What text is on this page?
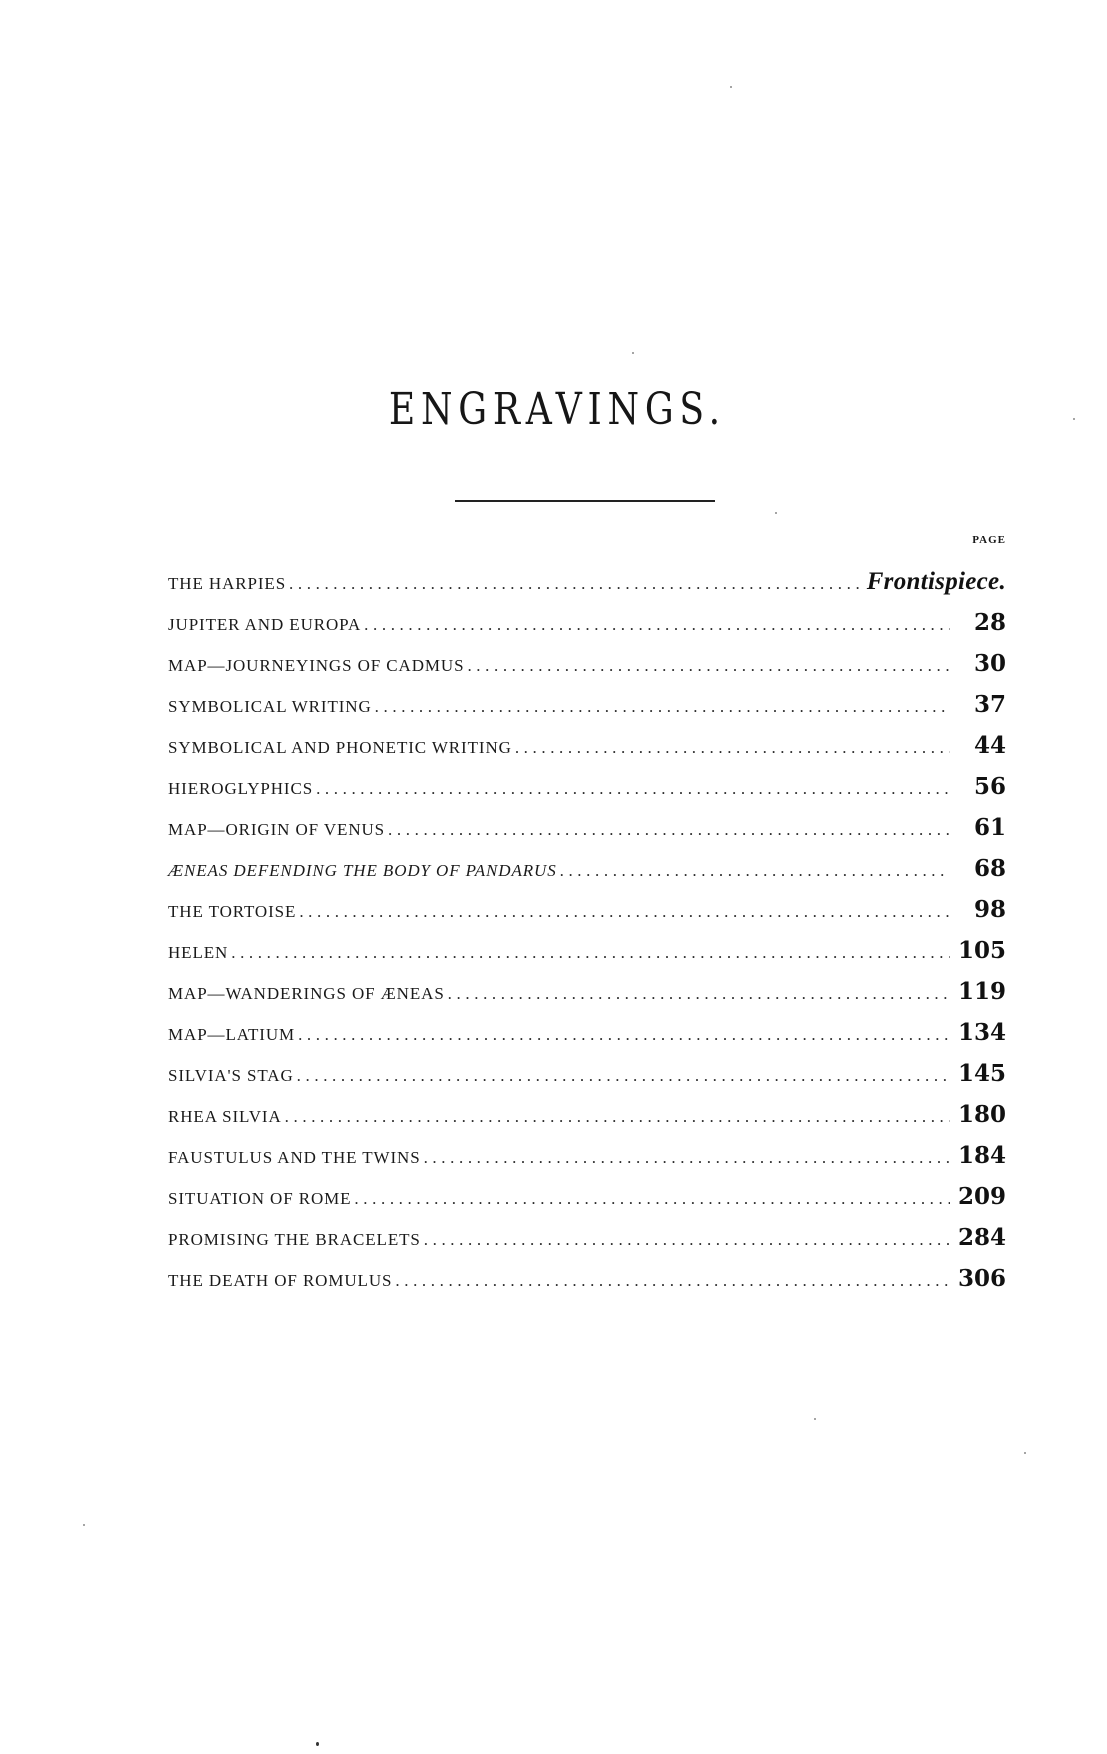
ENGRAVINGS.
PAGE
THE HARPIES .....	Frontispiece.
JUPITER AND EUROPA .....	28
MAP—JOURNEYINGS OF CADMUS .....	30
SYMBOLICAL WRITING .....	37
SYMBOLICAL AND PHONETIC WRITING .....	44
HIEROGLYPHICS .....	56
MAP—ORIGIN OF VENUS .....	61
ÆNEAS DEFENDING THE BODY OF PANDARUS .....	68
THE TORTOISE .....	98
HELEN .....	105
MAP—WANDERINGS OF ÆNEAS .....	119
MAP—LATIUM .....	134
SILVIA'S STAG .....	145
RHEA SILVIA .....	180
FAUSTULUS AND THE TWINS .....	184
SITUATION OF ROME .....	209
PROMISING THE BRACELETS .....	284
THE DEATH OF ROMULUS .....	306
